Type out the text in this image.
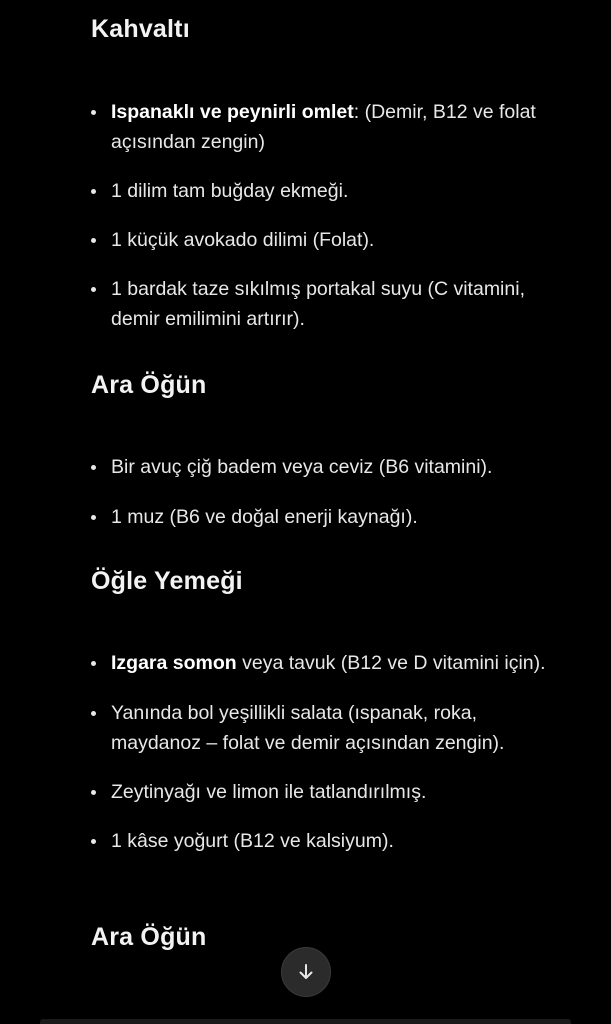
Kahvaltı
Ispanaklı ve peynirli omlet: (Demir, B12 ve folat açısından zengin)
1 dilim tam buğday ekmeği.
1 küçük avokado dilimi (Folat).
1 bardak taze sıkılmış portakal suyu (C vitamini, demir emilimini artırır).
Ara Öğün
Bir avuç çiğ badem veya ceviz (B6 vitamini).
1 muz (B6 ve doğal enerji kaynağı).
Öğle Yemeği
Izgara somon veya tavuk (B12 ve D vitamini için).
Yanında bol yeşillikli salata (ıspanak, roka, maydanoz – folat ve demir açısından zengin).
Zeytinyağı ve limon ile tatlandırılmış.
1 kâse yoğurt (B12 ve kalsiyum).
Ara Öğün
